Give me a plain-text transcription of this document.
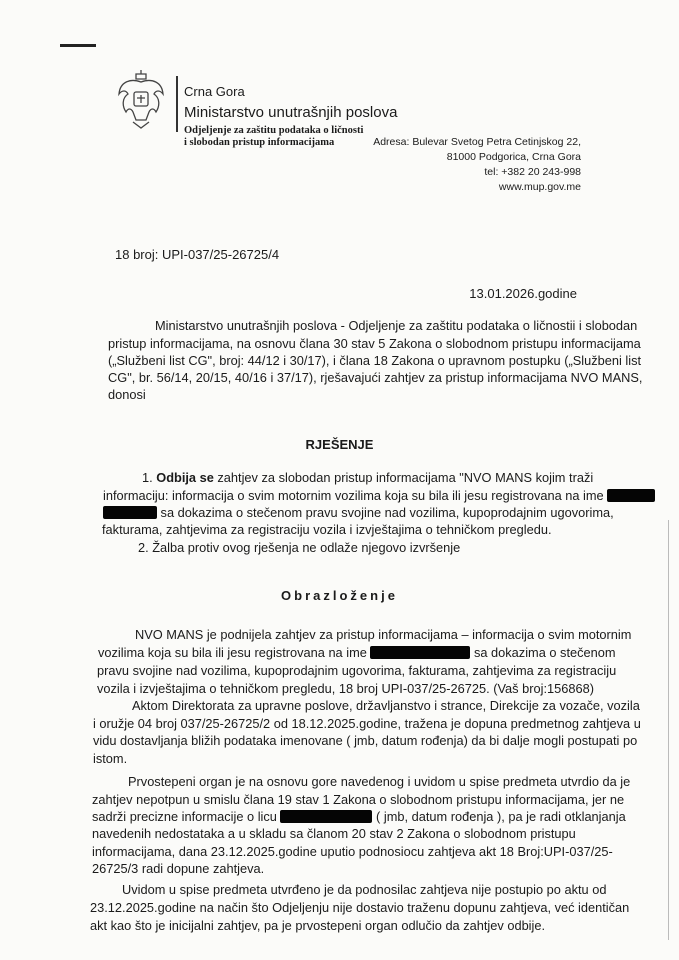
Crna Gora
Ministarstvo unutrašnjih poslova
Odjeljenje za zaštitu podataka o ličnosti
i slobodan pristup informacijama	Adresa: Bulevar Svetog Petra Cetinjskog 22,
81000 Podgorica, Crna Gora
tel: +382 20 243-998
www.mup.gov.me
18 broj: UPI-037/25-26725/4
13.01.2026.godine
RJEŠENJE
Obrazloženje
Ministarstvo unutrašnjih poslova - Odjeljenje za zaštitu podataka o ličnostii i slobodan
pristup informacijama, na osnovu člana 30 stav 5 Zakona o slobodnom pristupu informacijama
(„Službeni list CG", broj: 44/12 i 30/17), i člana 18 Zakona o upravnom postupku („Službeni list
CG", br. 56/14, 20/15, 40/16 i 37/17), rješavajući zahtjev za pristup informacijama NVO MANS,
donosi
1. Odbija se zahtjev za slobodan pristup informacijama "NVO MANS kojim traži
informaciju: informacija o svim motornim vozilima koja su bila ili jesu registrovana na ime
sa dokazima o stečenom pravu svojine nad vozilima, kupoprodajnim ugovorima,
fakturama, zahtjevima za registraciju vozila i izvještajima o tehničkom pregledu.
2. Žalba protiv ovog rješenja ne odlaže njegovo izvršenje
NVO MANS je podnijela zahtjev za pristup informacijama – informacija o svim motornim
vozilima koja su bila ili jesu registrovana na ime	sa dokazima o stečenom
pravu svojine nad vozilima, kupoprodajnim ugovorima, fakturama, zahtjevima za registraciju
vozila i izvještajima o tehničkom pregledu, 18 broj UPI-037/25-26725. (Vaš broj:156868)
Aktom Direktorata za upravne poslove, državljanstvo i strance, Direkcije za vozače, vozila
i oružje 04 broj 037/25-26725/2 od 18.12.2025.godine, tražena je dopuna predmetnog zahtjeva u
vidu dostavljanja bližih podataka imenovane ( jmb, datum rođenja) da bi dalje mogli postupati po
istom.
Prvostepeni organ je na osnovu gore navedenog i uvidom u spise predmeta utvrdio da je
zahtjev nepotpun u smislu člana 19 stav 1 Zakona o slobodnom pristupu informacijama, jer ne
sadrži precizne informacije o licu	( jmb, datum rođenja ), pa je radi otklanjanja
navedenih nedostataka a u skladu sa članom 20 stav 2 Zakona o slobodnom pristupu
informacijama, dana 23.12.2025.godine uputio podnosiocu zahtjeva akt 18 Broj:UPI-037/25-
26725/3 radi dopune zahtjeva.
Uvidom u spise predmeta utvrđeno je da podnosilac zahtjeva nije postupio po aktu od
23.12.2025.godine na način što Odjeljenju nije dostavio traženu dopunu zahtjeva, već identičan
akt kao što je inicijalni zahtjev, pa je prvostepeni organ odlučio da zahtjev odbije.
